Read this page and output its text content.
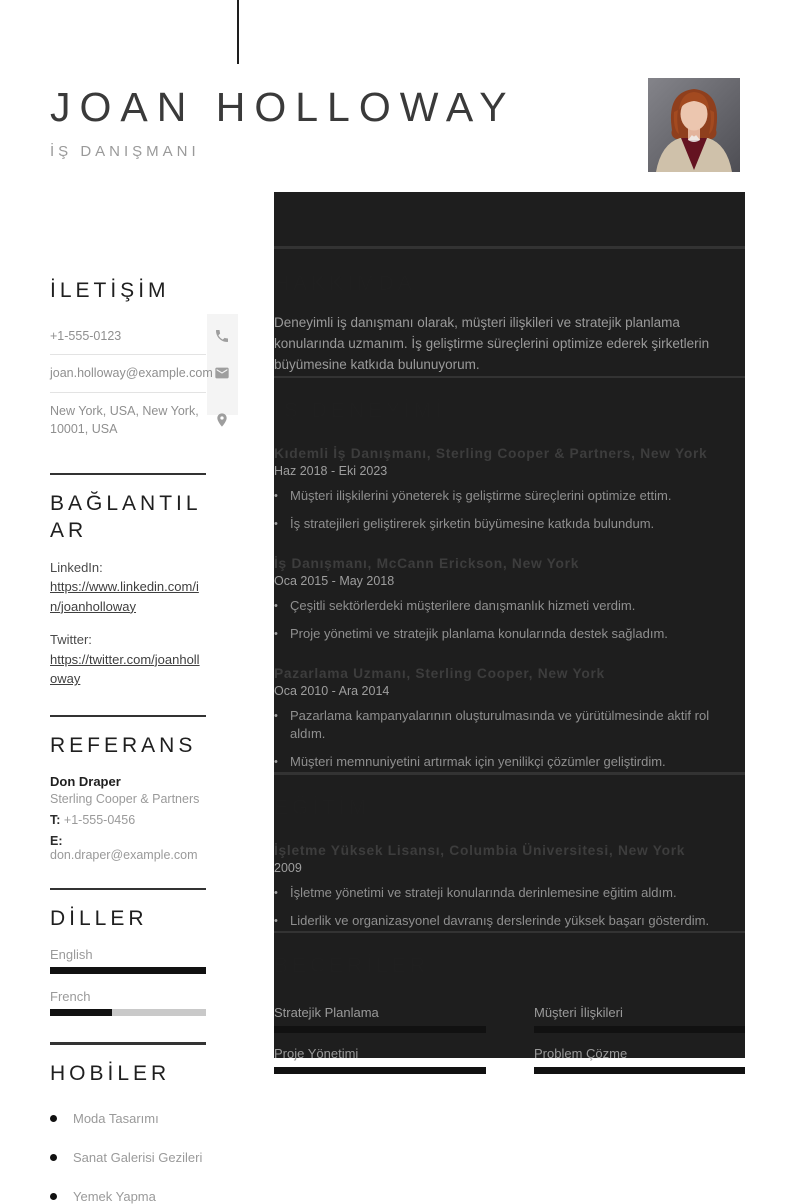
JOAN HOLLOWAY
İŞ DANIŞMANI
İLETİŞİM
+1-555-0123
joan.holloway@example.com
New York, USA, New York, 10001, USA
BAĞLANTILAR
LinkedIn:
https://www.linkedin.com/in/joanholloway
Twitter:
https://twitter.com/joanholloway
REFERANS
Don Draper
Sterling Cooper & Partners
T: +1-555-0456
E: don.draper@example.com
DİLLER
English
French
HOBİLER
Moda Tasarımı
Sanat Galerisi Gezileri
Yemek Yapma
HAKKIMDA

Deneyimli iş danışmanı olarak, müşteri ilişkileri ve stratejik planlama konularında uzmanım. İş geliştirme süreçlerini optimize ederek şirketlerin büyümesine katkıda bulunuyorum.

İŞ DENEYİMİ
Kıdemli İş Danışmanı, Sterling Cooper & Partners, New York
Haz 2018 - Eki 2023
•
Müşteri ilişkilerini yöneterek iş geliştirme süreçlerini optimize ettim.
•
İş stratejileri geliştirerek şirketin büyümesine katkıda bulundum.
İş Danışmanı, McCann Erickson, New York
Oca 2015 - May 2018
•
Çeşitli sektörlerdeki müşterilere danışmanlık hizmeti verdim.
•
Proje yönetimi ve stratejik planlama konularında destek sağladım.
Pazarlama Uzmanı, Sterling Cooper, New York
Oca 2010 - Ara 2014
•
Pazarlama kampanyalarının oluşturulmasında ve yürütülmesinde aktif rol aldım.
•
Müşteri memnuniyetini artırmak için yenilikçi çözümler geliştirdim.
EĞİTİM
İşletme Yüksek Lisansı, Columbia Üniversitesi, New York
2009
•
İşletme yönetimi ve strateji konularında derinlemesine eğitim aldım.
•
Liderlik ve organizasyonel davranış derslerinde yüksek başarı gösterdim.
BECERİLER
Stratejik Planlama	Müşteri İlişkileri
Proje Yönetimi	Problem Çözme
